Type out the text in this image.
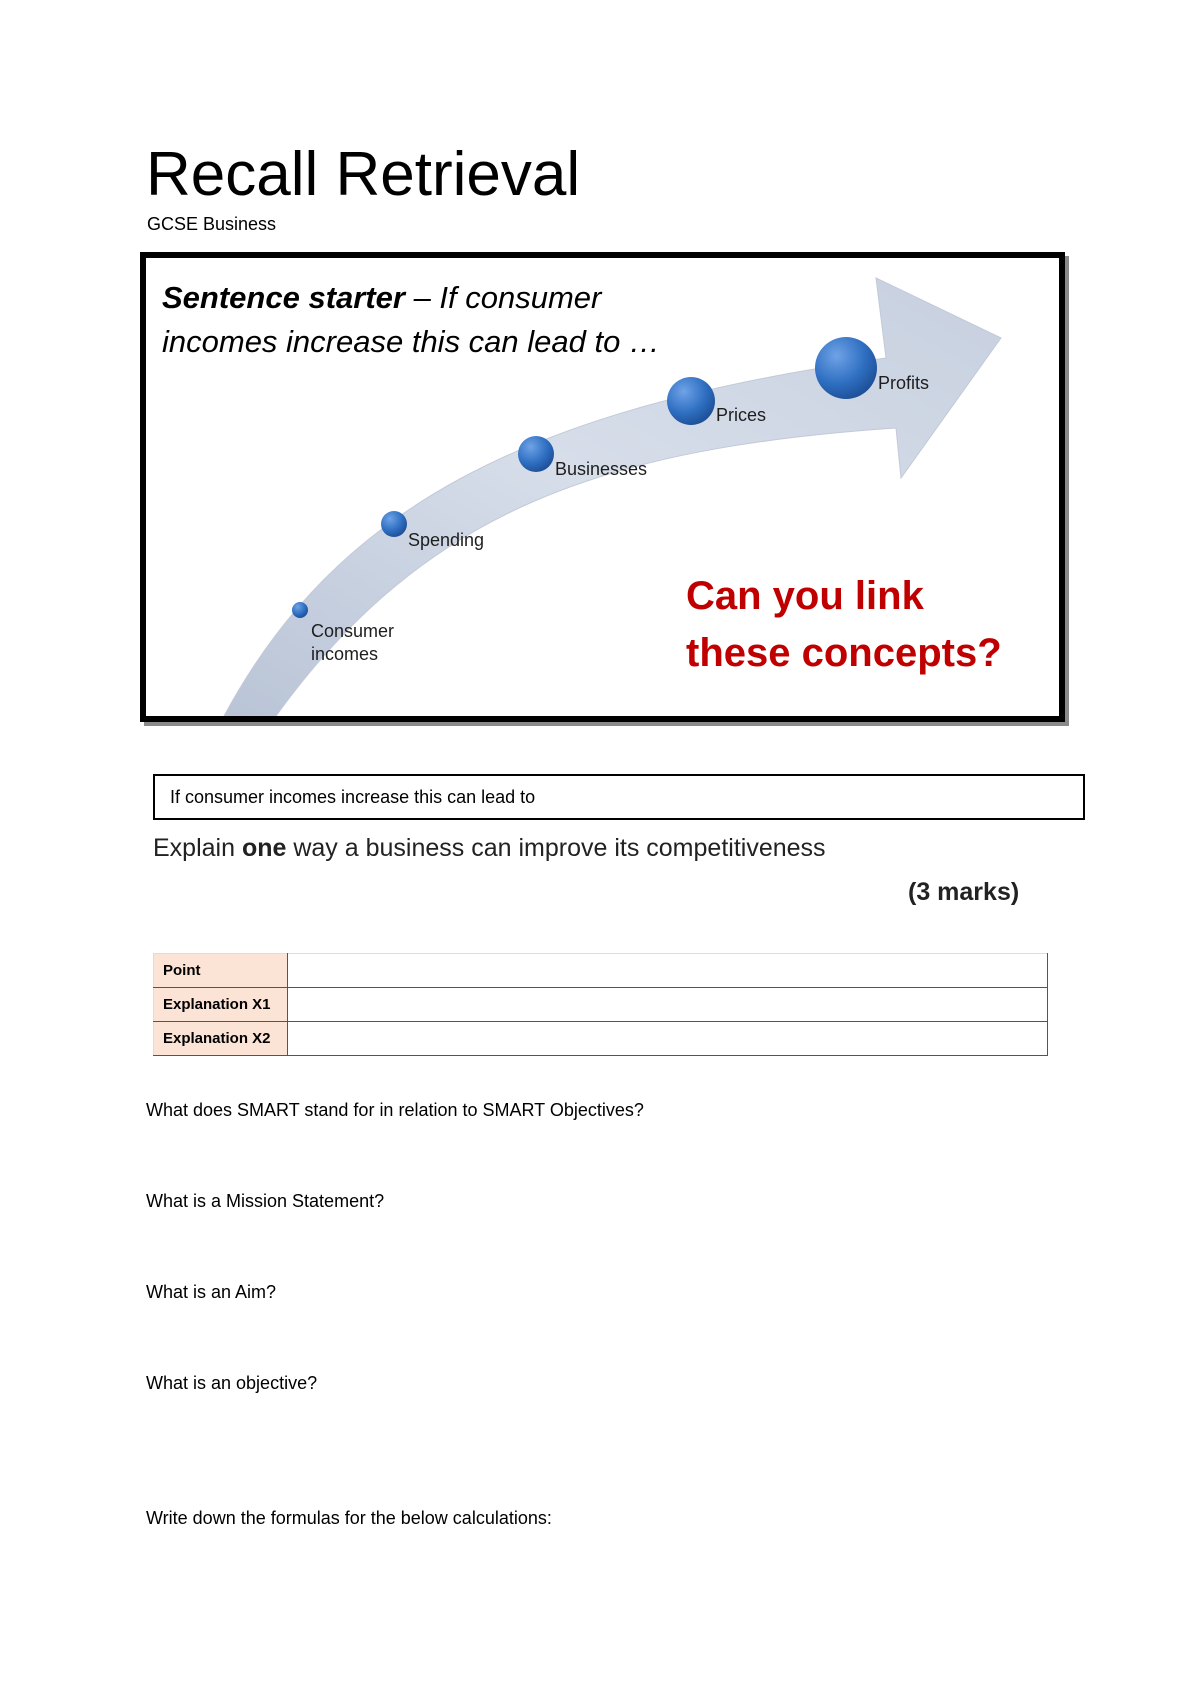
Recall Retrieval
GCSE Business
Sentence starter – If consumer incomes increase this can lead to …
Consumer incomes
Spending
Businesses
Prices
Profits
Can you link
these concepts?
If consumer incomes increase this can lead to
Explain one way a business can improve its competitiveness
(3 marks)
Point	
Explanation X1	
Explanation X2	
What does SMART stand for in relation to SMART Objectives?
What is a Mission Statement?
What is an Aim?
What is an objective?
Write down the formulas for the below calculations:
